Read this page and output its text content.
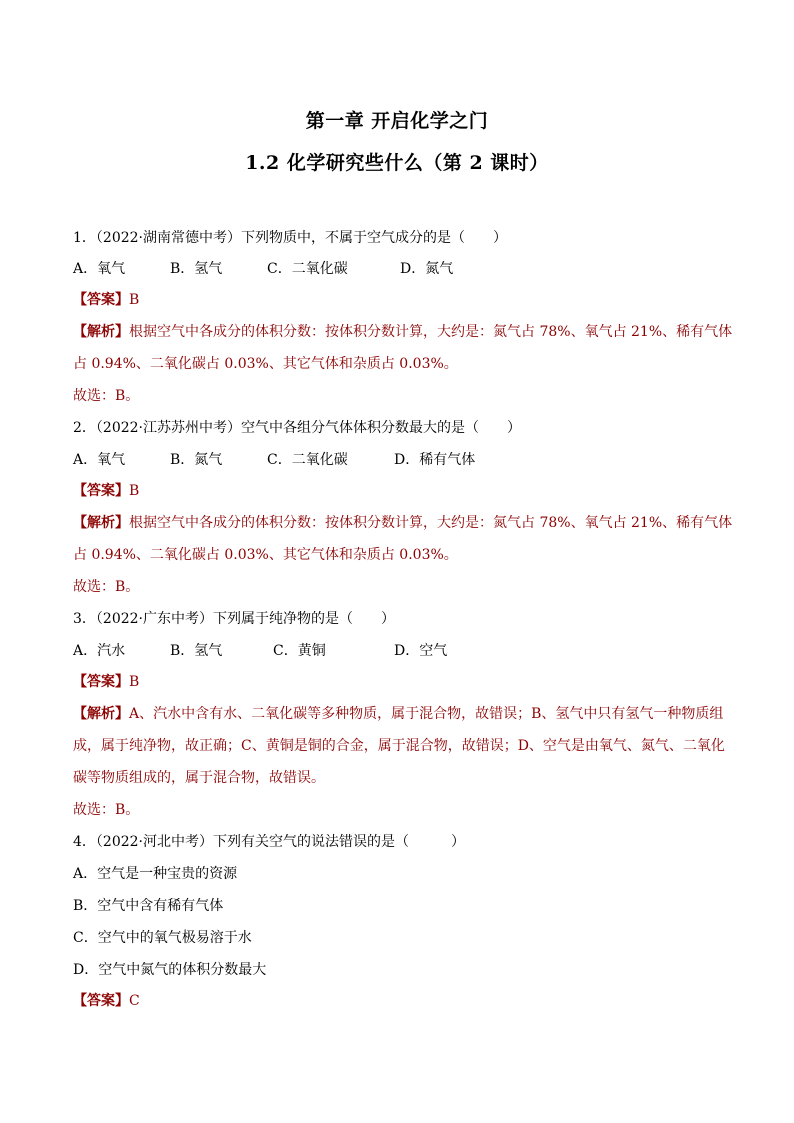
第一章 开启化学之门
1.2 化学研究些什么（第 2 课时）
1．（2022·湖南常德中考）下列物质中，不属于空气成分的是（　　）
A．氧气	B．氢气	C．二氧化碳	D．氮气
【答案】B
【解析】根据空气中各成分的体积分数：按体积分数计算，大约是：氮气占 78%、氧气占 21%、稀有气体
占 0.94%、二氧化碳占 0.03%、其它气体和杂质占 0.03%。
故选：B。
2．（2022·江苏苏州中考）空气中各组分气体体积分数最大的是（　　）
A．氧气	B．氮气	C．二氧化碳	D．稀有气体
【答案】B
【解析】根据空气中各成分的体积分数：按体积分数计算，大约是：氮气占 78%、氧气占 21%、稀有气体
占 0.94%、二氧化碳占 0.03%、其它气体和杂质占 0.03%。
故选：B。
3．（2022·广东中考）下列属于纯净物的是（　　）
A．汽水	B．氢气	C．黄铜	D．空气
【答案】B
【解析】A、汽水中含有水、二氧化碳等多种物质，属于混合物，故错误；B、氢气中只有氢气一种物质组
成，属于纯净物，故正确；C、黄铜是铜的合金，属于混合物，故错误；D、空气是由氧气、氮气、二氧化
碳等物质组成的，属于混合物，故错误。
故选：B。
4．（2022·河北中考）下列有关空气的说法错误的是（　　　）
A．空气是一种宝贵的资源
B．空气中含有稀有气体
C．空气中的氧气极易溶于水
D．空气中氮气的体积分数最大
【答案】C
